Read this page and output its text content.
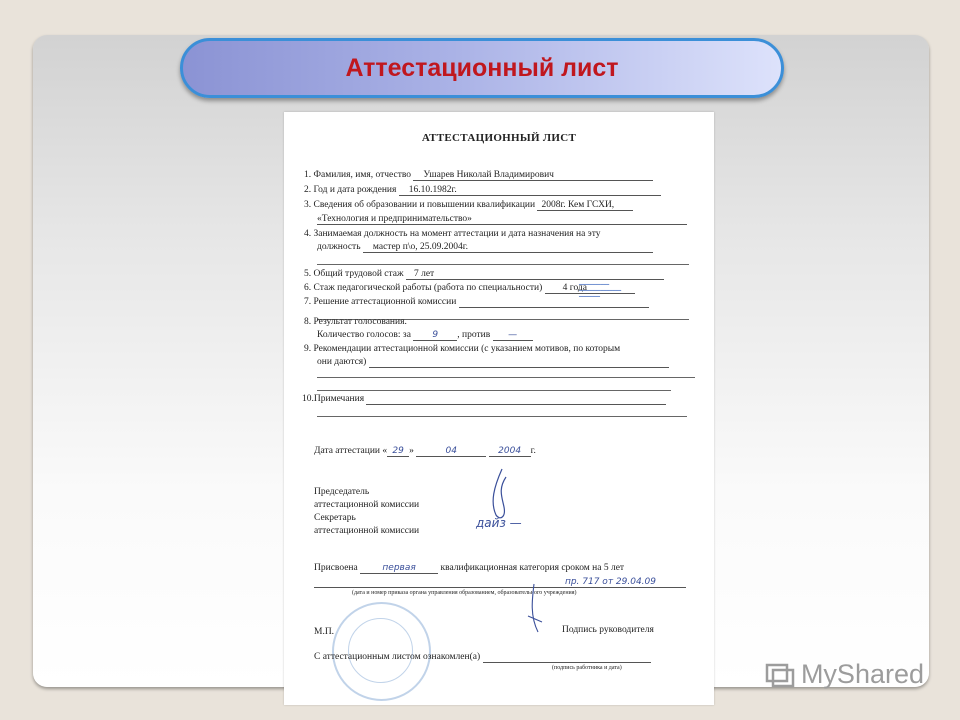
Аттестационный лист
АТТЕСТАЦИОННЫЙ ЛИСТ
1. Фамилия, имя, отчество Ушарев Николай Владимирович
2. Год и дата рождения 16.10.1982г.
3. Сведения об образовании и повышении квалификации 2008г. Кем ГСХИ,
«Технология и предпринимательство»
4. Занимаемая должность на момент аттестации и дата назначения на эту
должность мастер п\о, 25.09.2004г.
5. Общий трудовой стаж 7 лет
6. Стаж педагогической работы (работа по специальности) 4 года
7. Решение аттестационной комиссии
━━━━━━━━━━
━━━━━━━━━━━━━━
━━━━━━━
8. Результат голосования.
Количество голосов: за 9 , против —
9. Рекомендации аттестационной комиссии (с указанием мотивов, по которым
они даются)
10.Примечания
Дата аттестации « 29 »	04	2004 г.
Председатель
аттестационной комиссии
Секретарь
аттестационной комиссии
дайз —
Присвоена	первая	квалификационная категория сроком на 5 лет
пр. 717 от 29.04.09
(дата и номер приказа органа управления образованием, образовательного учреждения)
М.П.	Подпись руководителя
С аттестационным листом ознакомлен(а)
(подпись работника и дата)	MyShared
